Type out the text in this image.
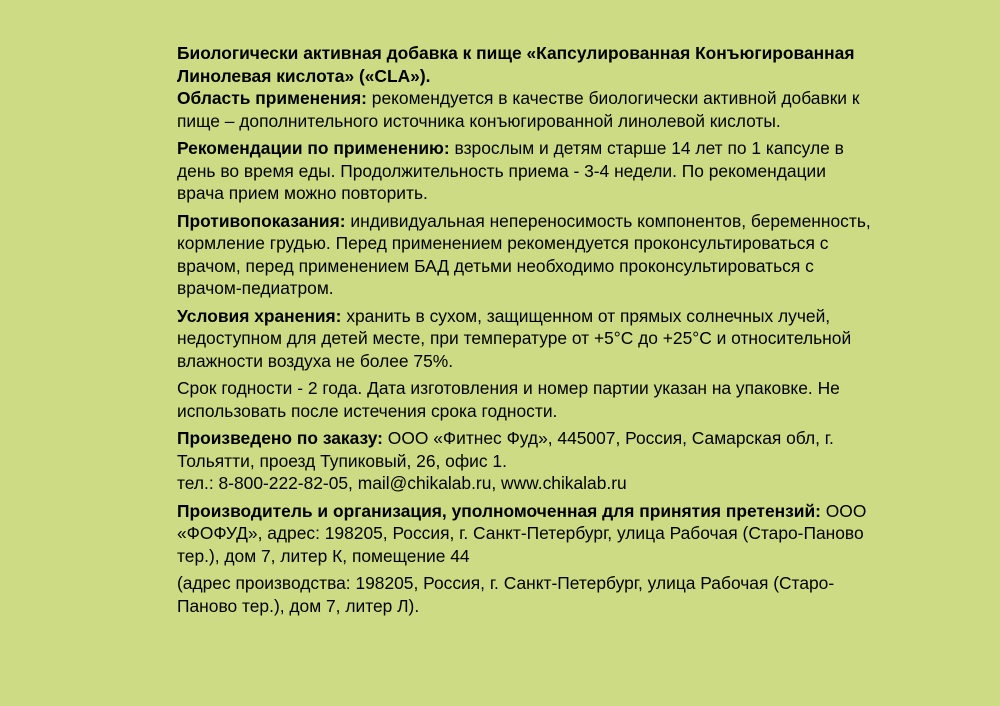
Биологически активная добавка к пище «Капсулированная Конъюгированная Линолевая кислота» («CLA»).

Область применения: рекомендуется в качестве биологически активной добавки к пище – дополнительного источника конъюгированной линолевой кислоты.

Рекомендации по применению: взрослым и детям старше 14 лет по 1 капсуле в день во время еды. Продолжительность приема - 3-4 недели. По рекомендации врача прием можно повторить.

Противопоказания: индивидуальная непереносимость компонентов, беременность, кормление грудью. Перед применением рекомендуется проконсультироваться с врачом, перед применением БАД детьми необходимо проконсультироваться с врачом-педиатром.

Условия хранения: хранить в сухом, защищенном от прямых солнечных лучей, недоступном для детей месте, при температуре от +5°С до +25°С и относительной влажности воздуха не более 75%.

Срок годности - 2 года. Дата изготовления и номер партии указан на упаковке. Не использовать после истечения срока годности.

Произведено по заказу: ООО «Фитнес Фуд», 445007, Россия, Самарская обл, г. Тольятти, проезд Тупиковый, 26, офис 1.
тел.: 8-800-222-82-05, mail@chikalab.ru, www.chikalab.ru

Производитель и организация, уполномоченная для принятия претензий: ООО «ФОФУД», адрес: 198205, Россия, г. Санкт-Петербург, улица Рабочая (Старо-Паново тер.), дом 7, литер К, помещение 44

(адрес производства: 198205, Россия, г. Санкт-Петербург, улица Рабочая (Старо-Паново тер.), дом 7, литер Л).
